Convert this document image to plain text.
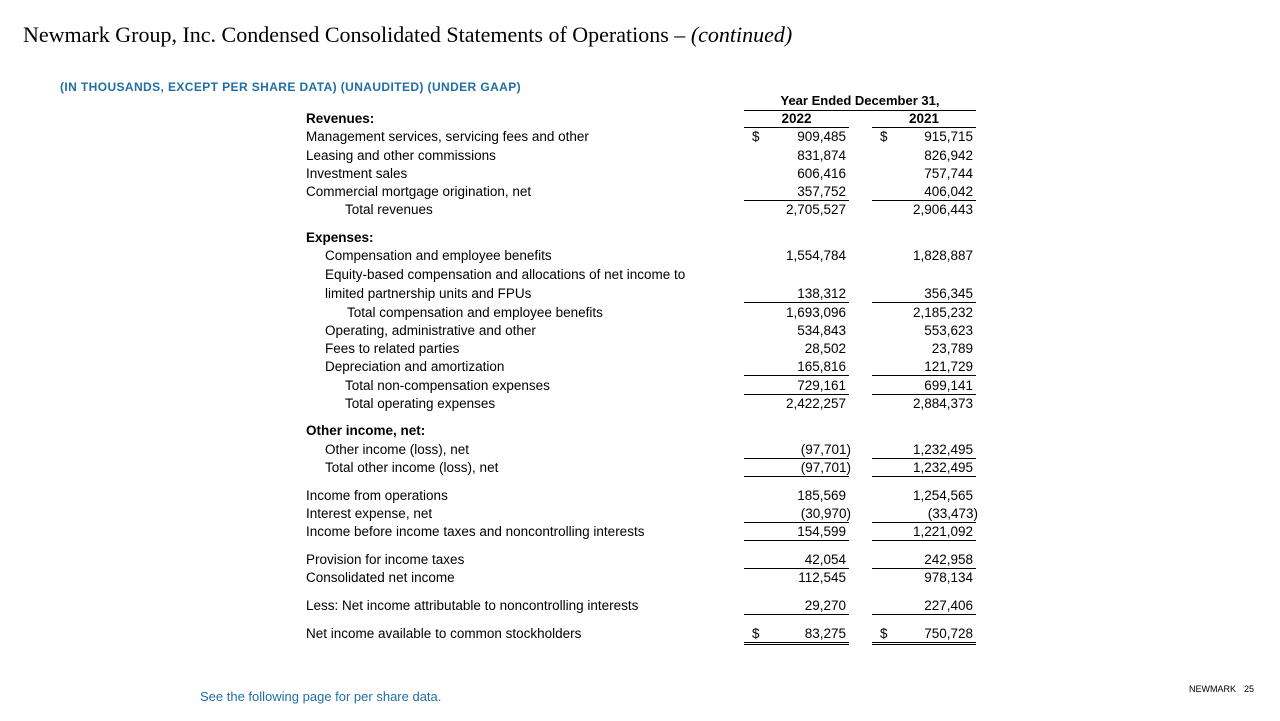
Newmark Group, Inc. Condensed Consolidated Statements of Operations – (continued)
(IN THOUSANDS, EXCEPT PER SHARE DATA) (UNAUDITED) (UNDER GAAP)
Year Ended December 31,
2022	2021
Revenues:
Management services, servicing fees and other	$	909,485	$	915,715
Leasing and other commissions	831,874	826,942
Investment sales	606,416	757,744
Commercial mortgage origination, net	357,752	406,042
Total revenues	2,705,527	2,906,443
Expenses:
Compensation and employee benefits	1,554,784	1,828,887
Equity-based compensation and allocations of net income to
limited partnership units and FPUs	138,312	356,345
Total compensation and employee benefits	1,693,096	2,185,232
Operating, administrative and other	534,843	553,623
Fees to related parties	28,502	23,789
Depreciation and amortization	165,816	121,729
Total non-compensation expenses	729,161	699,141
Total operating expenses	2,422,257	2,884,373
Other income, net:
Other income (loss), net	(97,701)	1,232,495
Total other income (loss), net	(97,701)	1,232,495
Income from operations	185,569	1,254,565
Interest expense, net	(30,970)	(33,473)
Income before income taxes and noncontrolling interests	154,599	1,221,092
Provision for income taxes	42,054	242,958
Consolidated net income	112,545	978,134
Less: Net income attributable to noncontrolling interests	29,270	227,406
Net income available to common stockholders	$	83,275	$	750,728
See the following page for per share data.	NEWMARK 25
